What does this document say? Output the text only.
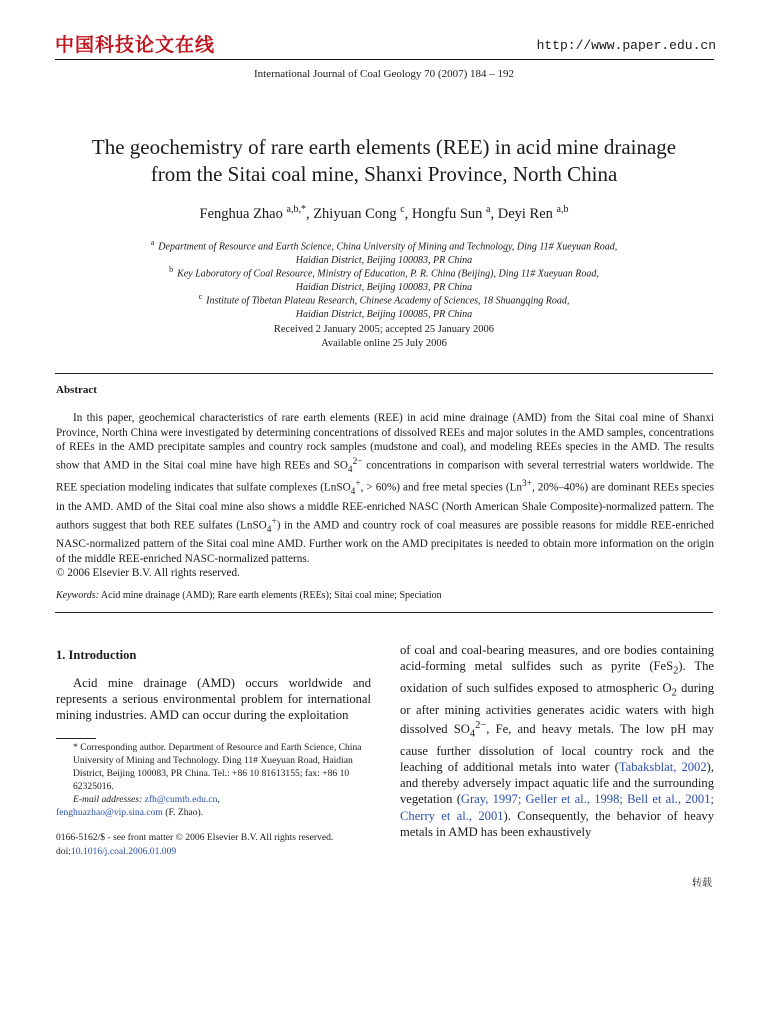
中国科技论文在线	http://www.paper.edu.cn
International Journal of Coal Geology 70 (2007) 184 – 192
The geochemistry of rare earth elements (REE) in acid mine drainage
from the Sitai coal mine, Shanxi Province, North China
Fenghua Zhao $^{a,b,*}$, Zhiyuan Cong $^c$, Hongfu Sun $^a$, Deyi Ren $^{a,b}$
$^a$ Department of Resource and Earth Science, China University of Mining and Technology, Ding 11# Xueyuan Road,
Haidian District, Beijing 100083, PR China
$^b$ Key Laboratory of Coal Resource, Ministry of Education, P. R. China (Beijing), Ding 11# Xueyuan Road,
Haidian District, Beijing 100083, PR China
$^c$ Institute of Tibetan Plateau Research, Chinese Academy of Sciences, 18 Shuangqing Road,
Haidian District, Beijing 100085, PR China
Received 2 January 2005; accepted 25 January 2006
Available online 25 July 2006
Abstract

In this paper, geochemical characteristics of rare earth elements (REE) in acid mine drainage (AMD) from the Sitai coal mine of Shanxi Province, North China were investigated by determining concentrations of dissolved REEs and major solutes in the AMD samples, concentrations of REEs in the AMD precipitate samples and country rock samples (mudstone and coal), and modeling REEs species in the AMD. The results show that AMD in the Sitai coal mine have high REEs and $SO_4^{2-}$ concentrations in comparison with several terrestrial waters worldwide. The REE speciation modeling indicates that sulfate complexes (LnSO$_4$+, > 60%) and free metal species ($Ln^{3+}$, 20%–40%) are dominant REEs species in the AMD. AMD of the Sitai coal mine also shows a middle REE-enriched NASC (North American Shale Composite)-normalized pattern. The authors suggest that both REE sulfates (LnSO$_4$+) in the AMD and country rock of coal measures are possible reasons for middle REE-enriched NASC-normalized pattern of the Sitai coal mine AMD. Further work on the AMD precipitates is needed to obtain more information on the origin of the middle REE-enriched NASC-normalized patterns.

© 2006 Elsevier B.V. All rights reserved.
Keywords: Acid mine drainage (AMD); Rare earth elements (REEs); Sitai coal mine; Speciation
1. Introduction

Acid mine drainage (AMD) occurs worldwide and represents a serious environmental problem for international mining industries. AMD can occur during the exploitation

* Corresponding author. Department of Resource and Earth Science, China University of Mining and Technology. Ding 11# Xueyuan Road, Haidian District, Beijing 100083, PR China. Tel.: +86 10 81613155; fax: +86 10 62325016.

E-mail addresses: zfh@cumtb.edu.cn,

fenghuazhao@vip.sina.com (F. Zhao).

0166-5162/$ - see front matter © 2006 Elsevier B.V. All rights reserved.
doi:10.1016/j.coal.2006.01.009
of coal and coal-bearing measures, and ore bodies containing acid-forming metal sulfides such as pyrite (FeS$_2$). The oxidation of such sulfides exposed to atmospheric $O_2$ during or after mining activities generates acidic waters with high dissolved $SO_4^{2-}$, Fe, and heavy metals. The low pH may cause further dissolution of local country rock and the leaching of additional metals into water (Tabaksblat, 2002), and thereby adversely impact aquatic life and the surrounding vegetation (Gray, 1997; Geller et al., 1998; Bell et al., 2001; Cherry et al., 2001). Consequently, the behavior of heavy metals in AMD has been exhaustively
转载
